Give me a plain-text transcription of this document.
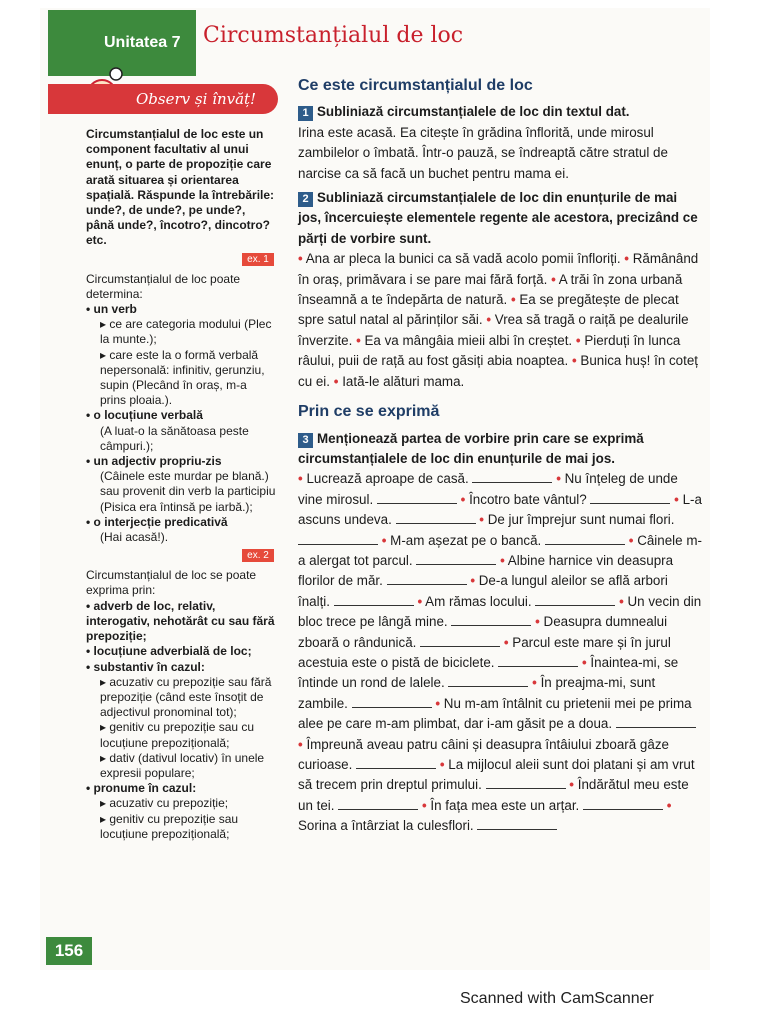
Unitatea 7 Circumstanțialul de loc
Observ și învăț!

Circumstanțialul de loc este un component facultativ al unui enunț, o parte de propoziție care arată situarea și orientarea spațială. Răspunde la întrebările: unde?, de unde?, pe unde?, până unde?, încotro?, dincotro? etc.

ex. 1

Circumstanțialul de loc poate determina:

• un verb

▸ ce are categoria modului (Plec la munte.);

▸ care este la o formă verbală nepersonală: infinitiv, gerunziu, supin (Plecând în oraș, m-a prins ploaia.).

• o locuțiune verbală

(A luat-o la sănătoasa peste câmpuri.);

• un adjectiv propriu-zis

(Câinele este murdar pe blană.) sau provenit din verb la participiu (Pisica era întinsă pe iarbă.);

• o interjecție predicativă

(Hai acasă!).

ex. 2

Circumstanțialul de loc se poate exprima prin:

• adverb de loc, relativ, interogativ, nehotărât cu sau fără prepoziție;

• locuțiune adverbială de loc;

• substantiv în cazul:

▸ acuzativ cu prepoziție sau fără prepoziție (când este însoțit de adjectivul pronominal tot);

▸ genitiv cu prepoziție sau cu locuțiune prepozițională;

▸ dativ (dativul locativ) în unele expresii populare;

• pronume în cazul:

▸ acuzativ cu prepoziție;

▸ genitiv cu prepoziție sau locuțiune prepozițională;

Ce este circumstanțialul de loc

1 Subliniază circumstanțialele de loc din textul dat.

Irina este acasă. Ea citește în grădina înflorită, unde mirosul zambilelor o îmbată. Într-o pauză, se îndreaptă către stratul de narcise ca să facă un buchet pentru mama ei.

2 Subliniază circumstanțialele de loc din enunțurile de mai jos, încercuiește elementele regente ale acestora, precizând ce părți de vorbire sunt.

• Ana ar pleca la bunici ca să vadă acolo pomii înfloriți. • Rămânând în oraș, primăvara i se pare mai fără forță. • A trăi în zona urbană înseamnă a te îndepărta de natură. • Ea se pregătește de plecat spre satul natal al părinților săi. • Vrea să tragă o raiță pe dealurile înverzite. • Ea va mângâia mieii albi în creștet. • Pierduți în lunca râului, puii de rață au fost găsiți abia noaptea. • Bunica huș! în coteț cu ei. • Iată-le alături mama.

Prin ce se exprimă

3 Menționează partea de vorbire prin care se exprimă circumstanțialele de loc din enunțurile de mai jos.

• Lucrează aproape de casă.	• Nu înțeleg de unde vine mirosul.	• Încotro bate vântul?	• L-a ascuns undeva.	• De jur împrejur sunt numai flori.  • M-am așezat pe o bancă.	• Câinele m-a alergat tot parcul.	• Albine harnice vin deasupra florilor de măr.	• De-a lungul aleilor se află arbori înalți.	• Am rămas locului.	• Un vecin din bloc trece pe lângă mine.	• Deasupra dumnealui zboară o rândunică.	• Parcul este mare și în jurul acestuia este o pistă de biciclete.	• Înaintea-mi, se întinde un rond de lalele.	• În preajma-mi, sunt zambile.	• Nu m-am întâlnit cu prietenii mei pe prima alee pe care m-am plimbat, dar i-am găsit pe a doua.  • Împreună aveau patru câini și deasupra întâiului zboară gâze curioase.	• La mijlocul aleii sunt doi platani și am vrut să trecem prin dreptul primului.	• Îndărătul meu este un tei.	• În fața mea este un arțar.	• Sorina a întârziat la culesflori.

156
Scanned with CamScanner
